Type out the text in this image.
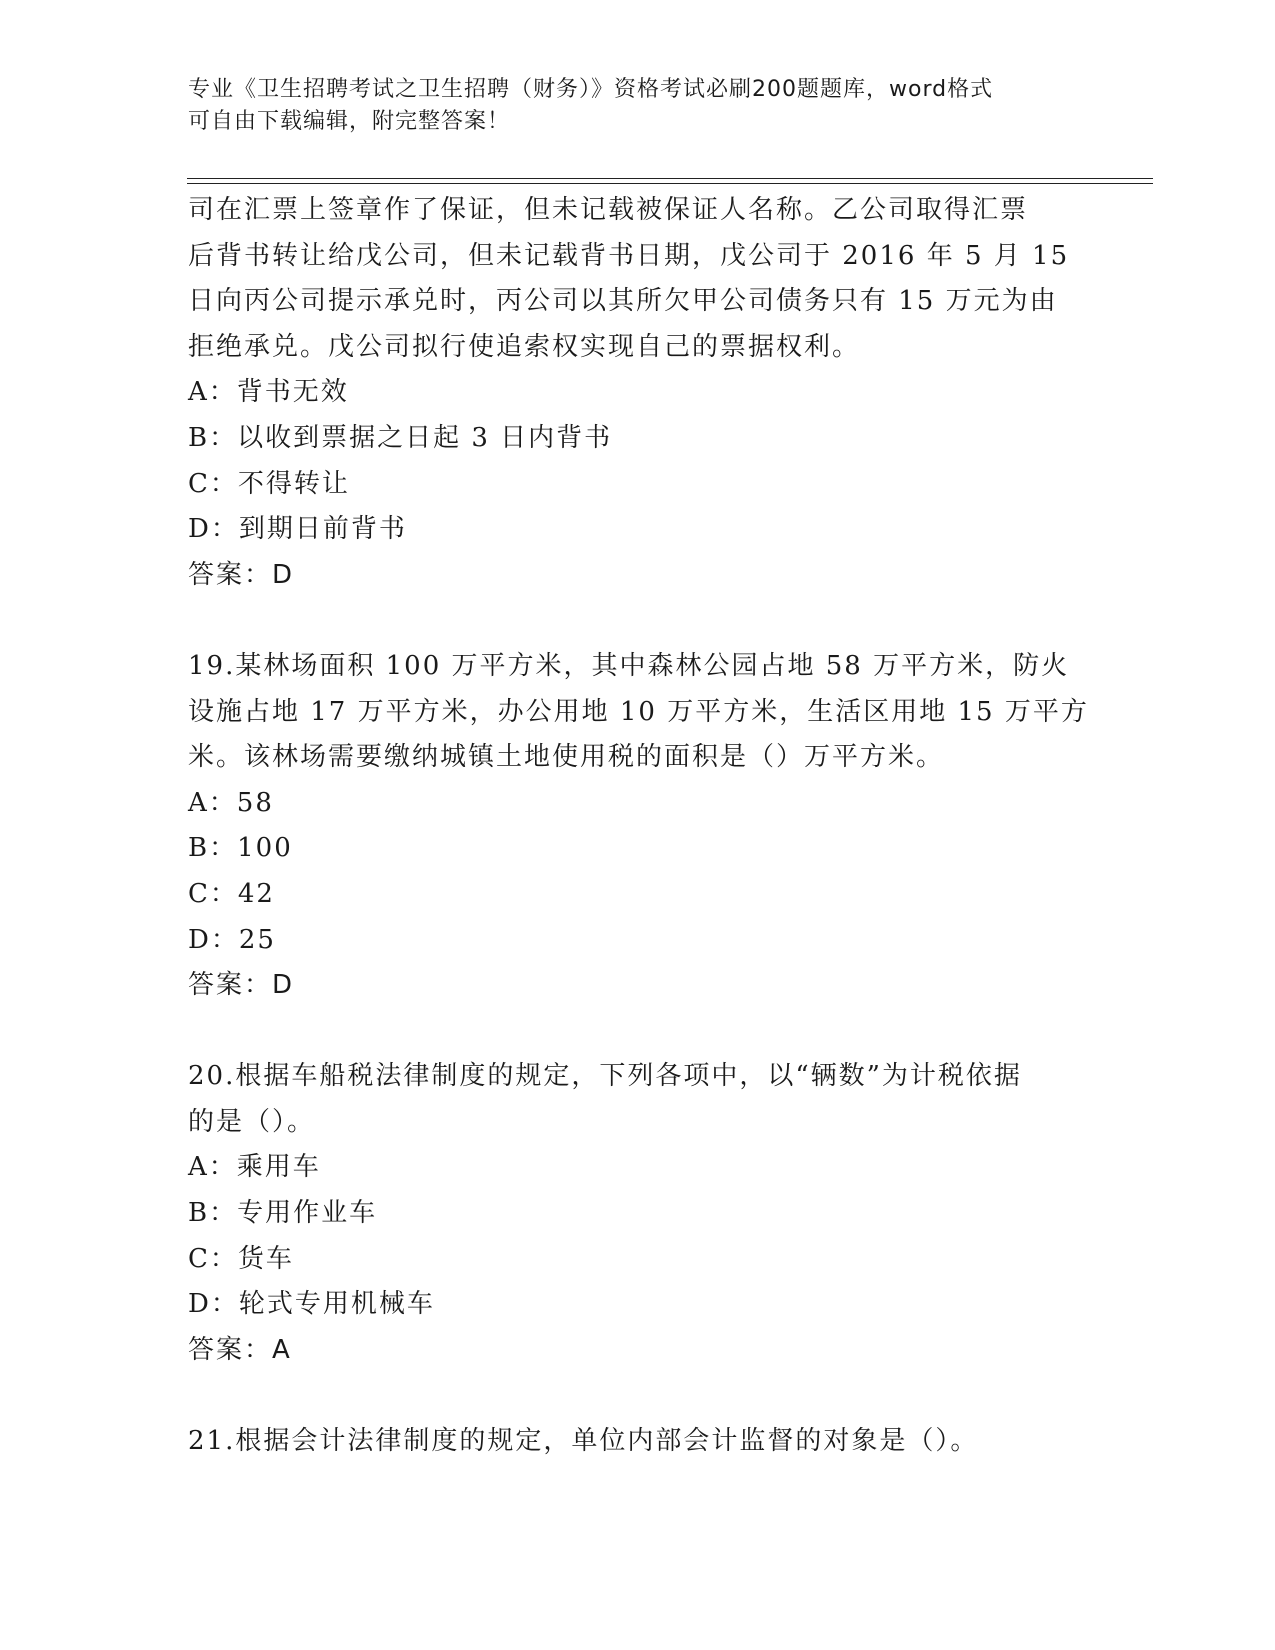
专业《卫生招聘考试之卫生招聘（财务）》资格考试必刷200题题库，word格式
可自由下载编辑，附完整答案！
司在汇票上签章作了保证，但未记载被保证人名称。乙公司取得汇票
后背书转让给戊公司，但未记载背书日期，戊公司于 2016 年 5 月 15
日向丙公司提示承兑时，丙公司以其所欠甲公司债务只有 15 万元为由
拒绝承兑。戊公司拟行使追索权实现自己的票据权利。
A：背书无效
B：以收到票据之日起 3 日内背书
C：不得转让
D：到期日前背书
答案：D
19.某林场面积 100 万平方米，其中森林公园占地 58 万平方米，防火
设施占地 17 万平方米，办公用地 10 万平方米，生活区用地 15 万平方
米。该林场需要缴纳城镇土地使用税的面积是（）万平方米。
A：58
B：100
C：42
D：25
答案：D
20.根据车船税法律制度的规定，下列各项中，以“辆数”为计税依据
的是（）。
A：乘用车
B：专用作业车
C：货车
D：轮式专用机械车
答案：A
21.根据会计法律制度的规定，单位内部会计监督的对象是（）。
